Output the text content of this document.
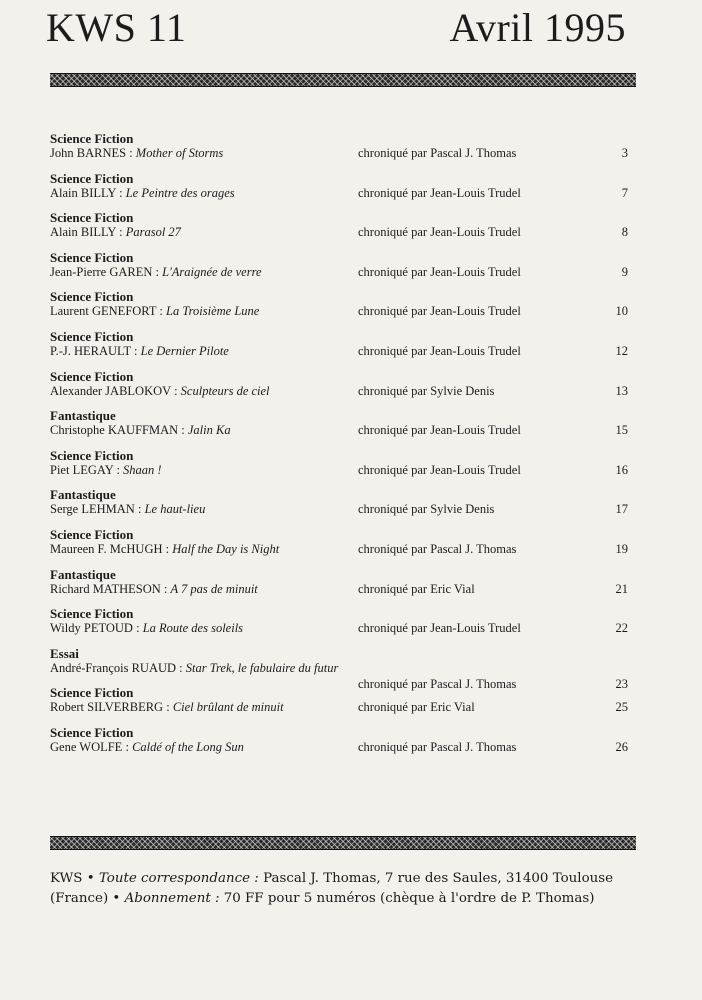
KWS 11	Avril 1995
Science Fiction
John BARNES : Mother of Storms	chroniqué par Pascal J. Thomas	3
Science Fiction
Alain BILLY : Le Peintre des orages	chroniqué par Jean-Louis Trudel	7
Science Fiction
Alain BILLY : Parasol 27	chroniqué par Jean-Louis Trudel	8
Science Fiction
Jean-Pierre GAREN : L'Araignée de verre	chroniqué par Jean-Louis Trudel	9
Science Fiction
Laurent GENEFORT : La Troisième Lune	chroniqué par Jean-Louis Trudel	10
Science Fiction
P.-J. HERAULT : Le Dernier Pilote	chroniqué par Jean-Louis Trudel	12
Science Fiction
Alexander JABLOKOV : Sculpteurs de ciel	chroniqué par Sylvie Denis	13
Fantastique
Christophe KAUFFMAN : Jalin Ka	chroniqué par Jean-Louis Trudel	15
Science Fiction
Piet LEGAY : Shaan !	chroniqué par Jean-Louis Trudel	16
Fantastique
Serge LEHMAN : Le haut-lieu	chroniqué par Sylvie Denis	17
Science Fiction
Maureen F. McHUGH : Half the Day is Night	chroniqué par Pascal J. Thomas	19
Fantastique
Richard MATHESON : A 7 pas de minuit	chroniqué par Eric Vial	21
Science Fiction
Wildy PETOUD : La Route des soleils	chroniqué par Jean-Louis Trudel	22
Essai
André-François RUAUD : Star Trek, le fabulaire du futur
chroniqué par Pascal J. Thomas	23
Science Fiction
Robert SILVERBERG : Ciel brûlant de minuit	chroniqué par Eric Vial	25
Science Fiction
Gene WOLFE : Caldé of the Long Sun	chroniqué par Pascal J. Thomas	26
KWS • Toute correspondance : Pascal J. Thomas, 7 rue des Saules, 31400 Toulouse
(France) • Abonnement : 70 FF pour 5 numéros (chèque à l'ordre de P. Thomas)
